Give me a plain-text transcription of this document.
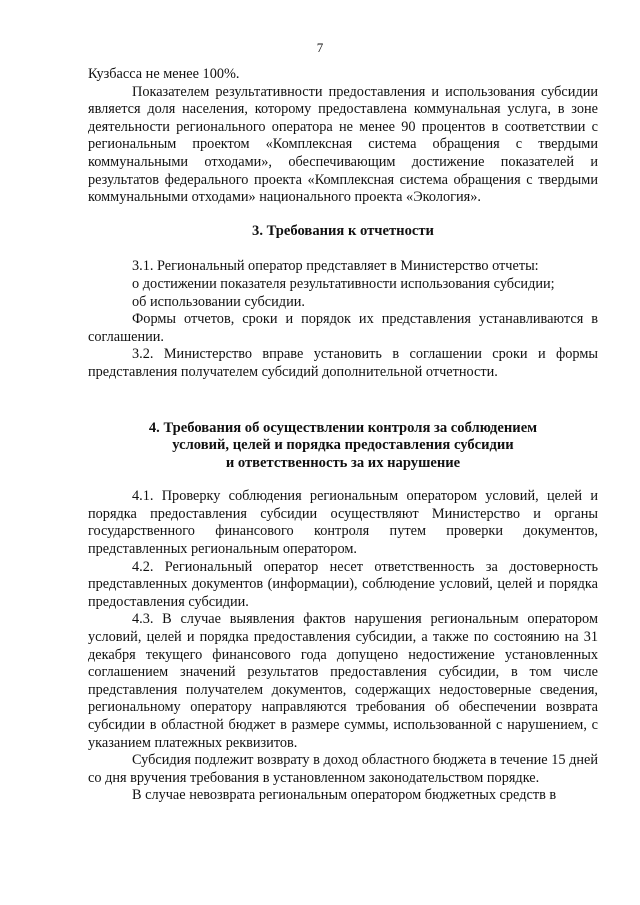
7

Кузбасса не менее 100%.

Показателем результативности предоставления и использования субсидии является доля населения, которому предоставлена коммунальная услуга, в зоне деятельности регионального оператора не менее 90 процентов в соответствии с региональным проектом «Комплексная система обращения с твердыми коммунальными отходами», обеспечивающим достижение показателей и результатов федерального проекта «Комплексная система обращения с твердыми коммунальными отходами» национального проекта «Экология».

3. Требования к отчетности

3.1. Региональный оператор представляет в Министерство отчеты:

о достижении показателя результативности использования субсидии;

об использовании субсидии.

Формы отчетов, сроки и порядок их представления устанавливаются в соглашении.

3.2. Министерство вправе установить в соглашении сроки и формы представления получателем субсидий дополнительной отчетности.

4. Требования об осуществлении контроля за соблюдением
условий, целей и порядка предоставления субсидии
и ответственность за их нарушение

4.1. Проверку соблюдения региональным оператором условий, целей и порядка предоставления субсидии осуществляют Министерство и органы государственного финансового контроля путем проверки документов, представленных региональным оператором.

4.2. Региональный оператор несет ответственность за достоверность представленных документов (информации), соблюдение условий, целей и порядка предоставления субсидии.

4.3. В случае выявления фактов нарушения региональным оператором условий, целей и порядка предоставления субсидии, а также по состоянию на 31 декабря текущего финансового года допущено недостижение установленных соглашением значений результатов предоставления субсидии, в том числе представления получателем документов, содержащих недостоверные сведения, региональному оператору направляются требования об обеспечении возврата субсидии в областной бюджет в размере суммы, использованной с нарушением, с указанием платежных реквизитов.

Субсидия подлежит возврату в доход областного бюджета в течение 15 дней со дня вручения требования в установленном законодательством порядке.

В случае невозврата региональным оператором бюджетных средств в
